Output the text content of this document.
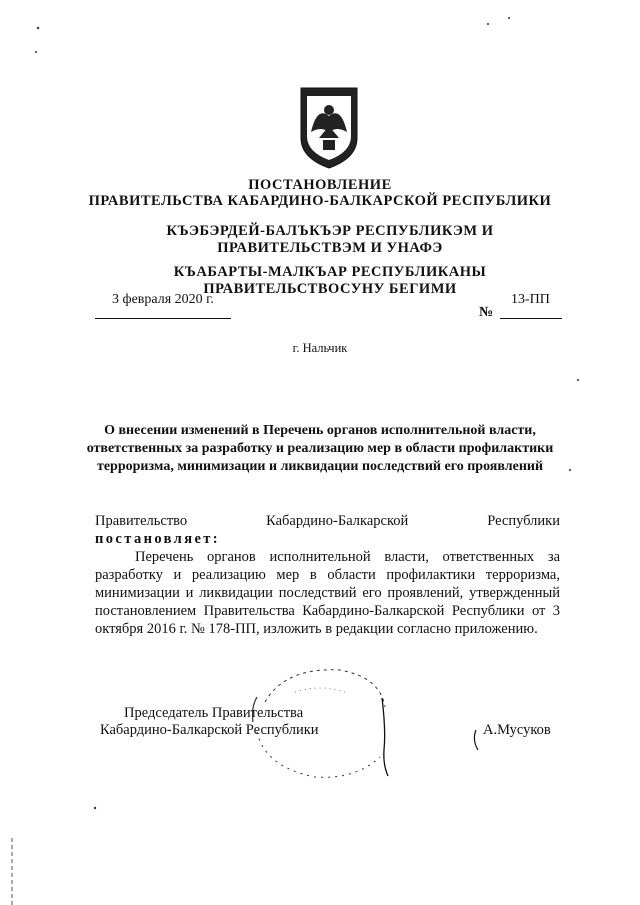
ПОСТАНОВЛЕНИЕ
ПРАВИТЕЛЬСТВА КАБАРДИНО-БАЛКАРСКОЙ РЕСПУБЛИКИ
КЪЭБЭРДЕЙ-БАЛЪКЪЭР РЕСПУБЛИКЭМ И ПРАВИТЕЛЬСТВЭМ И УНАФЭ
КЪАБАРТЫ-МАЛКЪАР РЕСПУБЛИКАНЫ ПРАВИТЕЛЬСТВОСУНУ БЕГИМИ
3 февраля 2020 г.
№
13-ПП
г. Нальчик
О внесении изменений в Перечень органов исполнительной власти, ответственных за разработку и реализацию мер в области профилактики терроризма, минимизации и ликвидации последствий его проявлений
Правительство Кабардино-Балкарской Республики
постановляет:
Перечень органов исполнительной власти, ответственных за разработку и реализацию мер в области профилактики терроризма, минимизации и ликвидации последствий его проявлений, утвержденный постановлением Правительства Кабардино-Балкарской Республики от 3 октября 2016 г. № 178-ПП, изложить в редакции согласно приложению.
Председатель Правительства
Кабардино-Балкарской Республики	А.Мусуков
